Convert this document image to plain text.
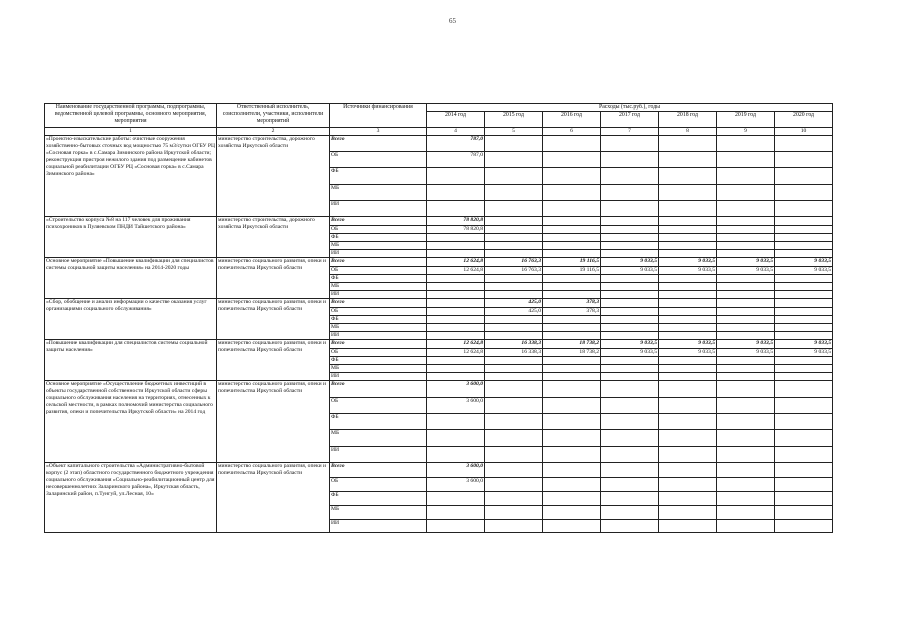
65
Наименование государственной программы, подпрограммы, ведомственной целевой программы, основного мероприятия, мероприятия	Ответственный исполнитель, соисполнители, участники, исполнители мероприятий	Источники финансирования	Расходы (тыс.руб.), годы						
			2014 год	2015 год	2016 год	2017 год	2018 год	2019 год	2020 год
1	2	3	4	5	6	7	8	9	10
«Проектно-изыскательские работы: очистные сооружения хозяйственно-бытовых сточных вод мощностью 75 м3/сутки ОГБУ РЦ «Сосновая горка» в с.Самара Зиминского района Иркутской области; реконструкция пристроя нежилого здания под размещение кабинетов социальной реабилитации ОГБУ РЦ «Сосновая горка» в с.Самара Зиминского района»	министерство строительства, дорожного хозяйства Иркутской области	Всего	787,0						
		ОБ	787,0						
		ФБ							
		МБ							
		ИИ							
«Строительство корпуса №8 на 117 человек для проживания психохроников в Пуляевском ПНДИ Тайшетского района»	министерство строительства, дорожного хозяйства Иркутской области	Всего	78 820,8						
		ОБ	78 820,8						
		ФБ							
		МБ							
		ИИ							
Основное мероприятие «Повышение квалификации для специалистов системы социальной защиты населения» на 2014-2020 годы	министерство социального развития, опеки и попечительства Иркутской области	Всего	12 624,8	16 763,3	19 116,5	9 033,5	9 033,5	9 033,5	9 033,5
		ОБ	12 624,8	16 763,3	19 116,5	9 033,5	9 033,5	9 033,5	9 033,5
		ФБ							
		МБ							
		ИИ							
«Сбор, обобщение и анализ информации о качестве оказания услуг организациями социального обслуживания»	министерство социального развития, опеки и попечительства Иркутской области	Всего		425,0	378,3				
		ОБ		425,0	378,3				
		ФБ							
		МБ							
		ИИ							
«Повышение квалификации для специалистов системы социальной защиты населения»	министерство социального развития, опеки и попечительства Иркутской области	Всего	12 624,8	16 338,3	18 738,2	9 033,5	9 033,5	9 033,5	9 033,5
		ОБ	12 624,8	16 338,3	18 738,2	9 033,5	9 033,5	9 033,5	9 033,5
		ФБ							
		МБ							
		ИИ							
Основное мероприятие «Осуществление бюджетных инвестиций в объекты государственной собственности Иркутской области сферы социального обслуживания населения на территориях, отнесенных к сельской местности, в рамках полномочий министерства социального развития, опеки и попечительства Иркутской области» на 2014 год	министерство социального развития, опеки и попечительства Иркутской области	Всего	3 600,0						
		ОБ	3 600,0						
		ФБ							
		МБ							
		ИИ							
«Объект капитального строительства «Административно-бытовой корпус (2 этап) областного государственного бюджетного учреждения социального обслуживания «Социально-реабилитационный центр для несовершеннолетних Заларинского района», Иркутская область, Заларинский район, п.Тунгуй, ул.Лесная, 10»	министерство социального развития, опеки и попечительства Иркутской области	Всего	3 600,0						
		ОБ	3 600,0						
		ФБ							
		МБ							
		ИИ							
